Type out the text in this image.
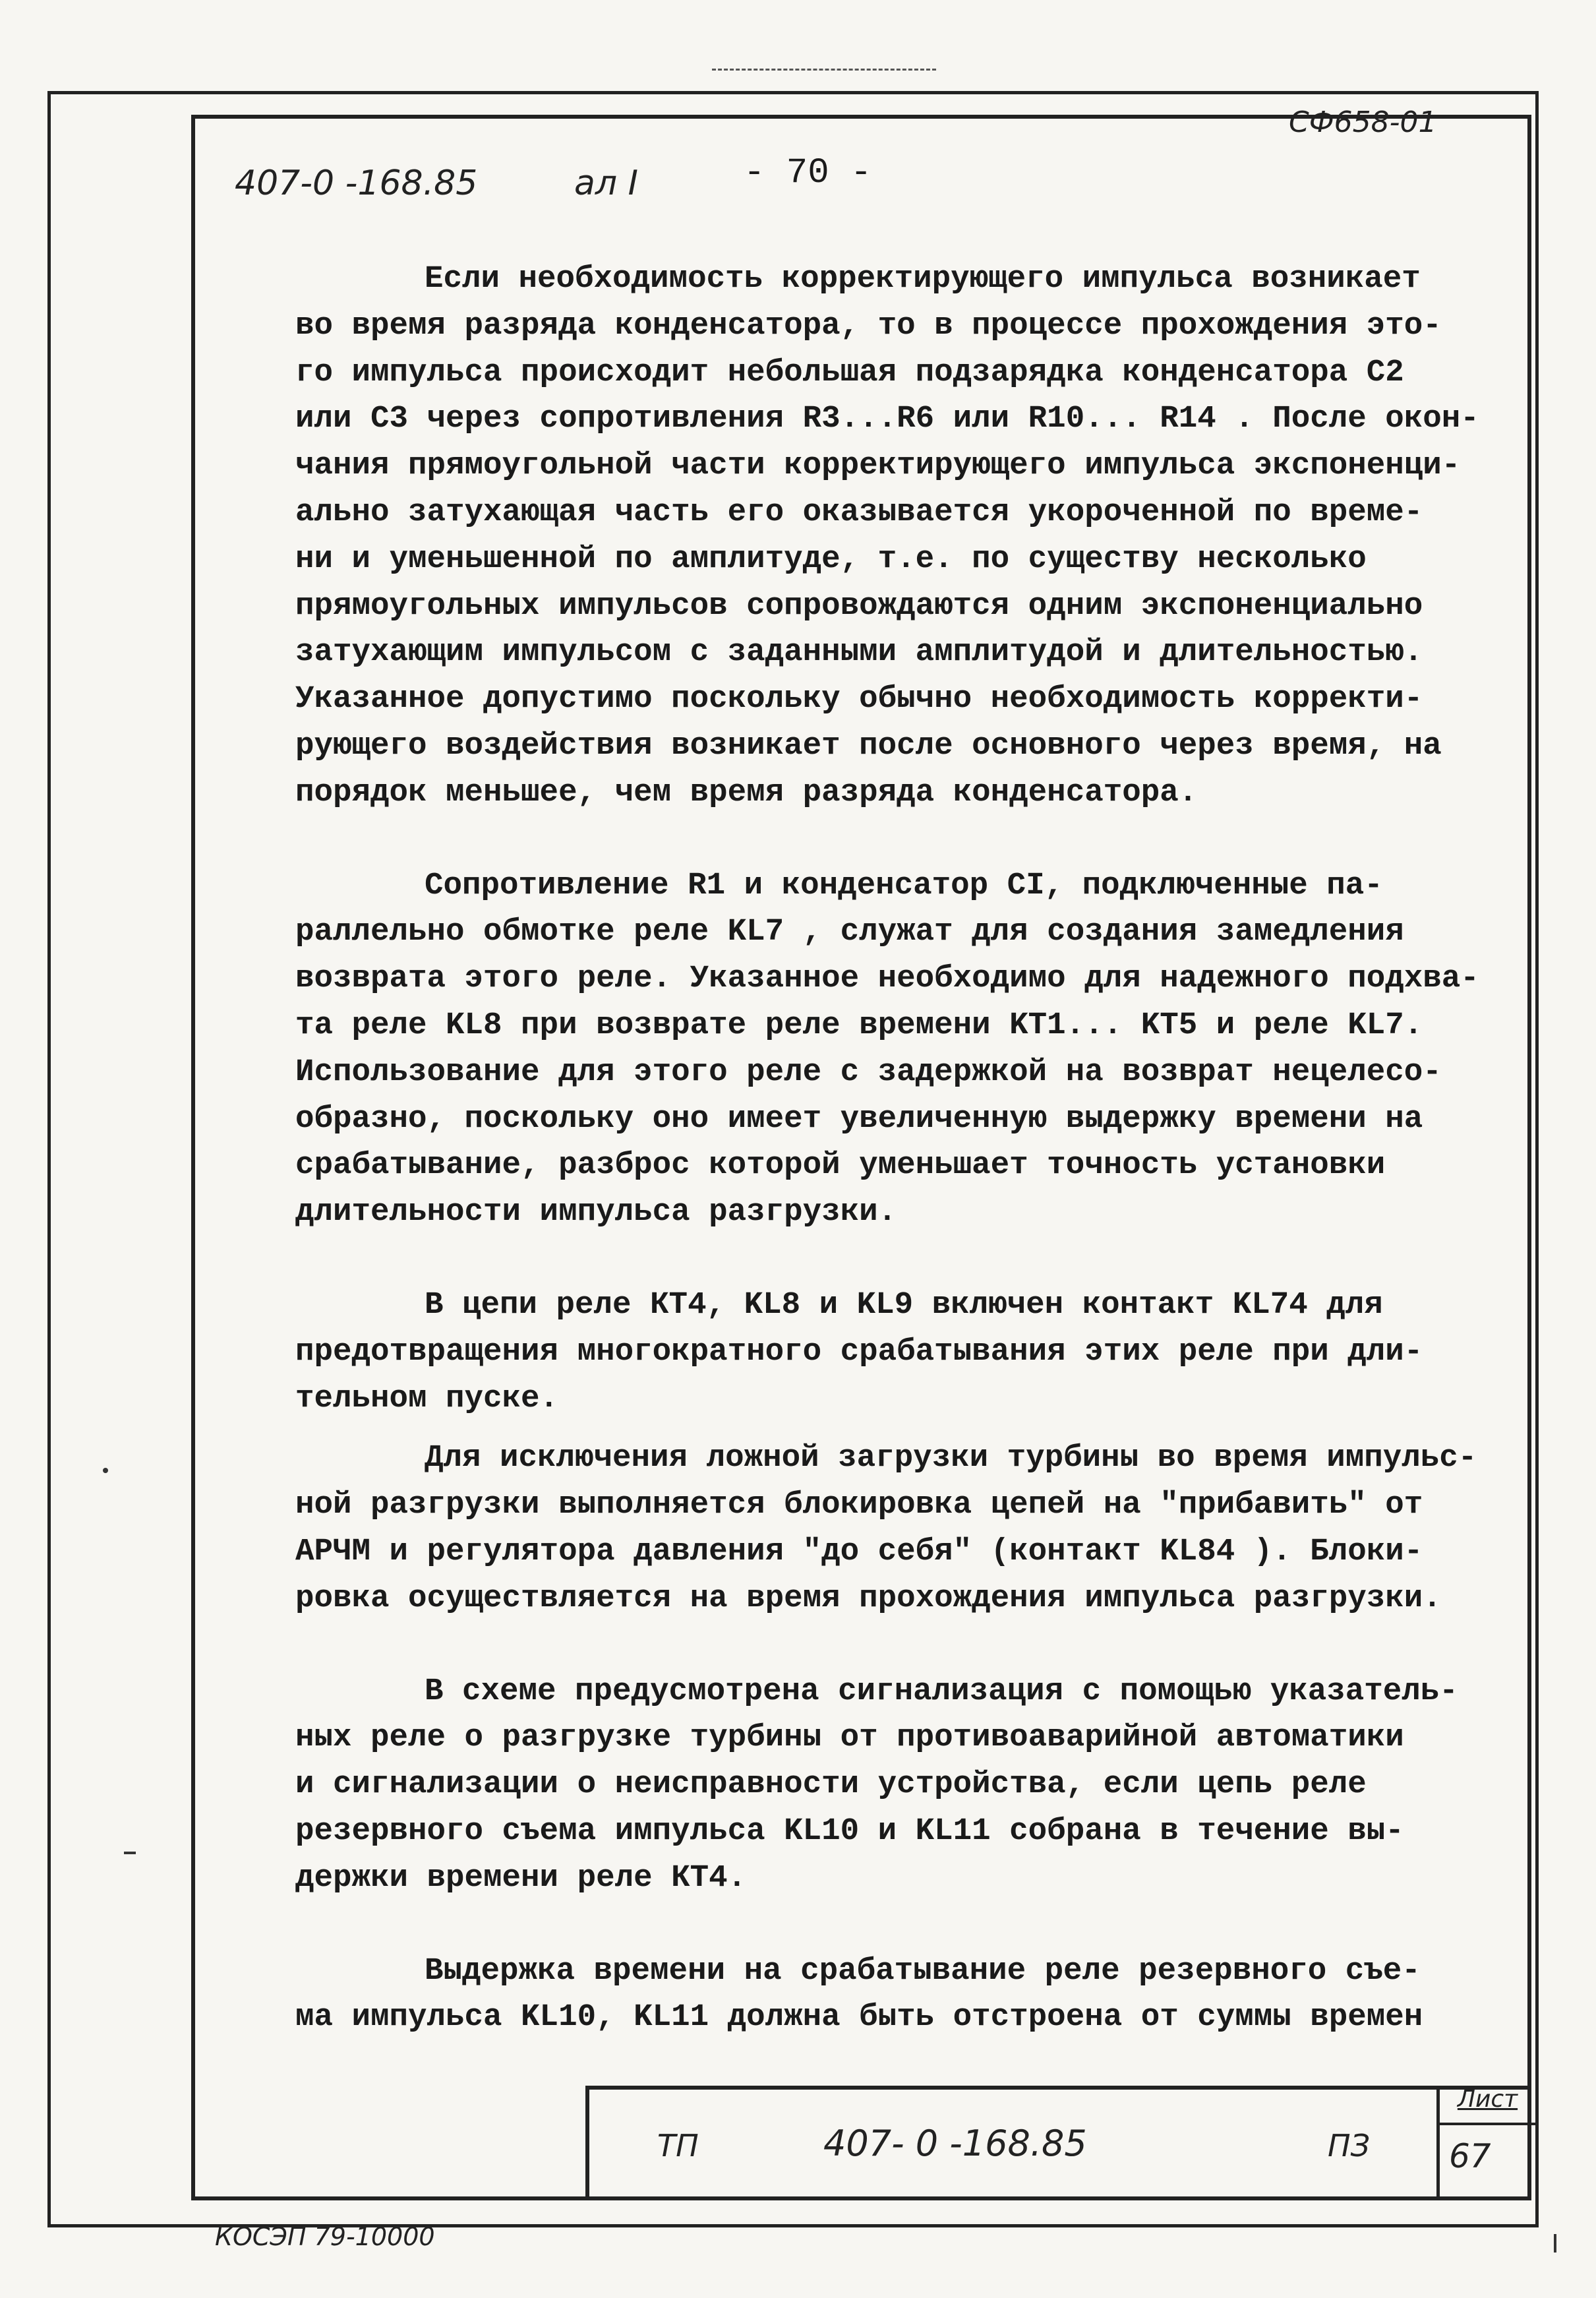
СФ658-01
407-0 -168.85	ал I	- 70 -

Если необходимость корректирующего импульса возникает
во время разряда конденсатора, то в процессе прохождения это-
го импульса происходит небольшая подзарядка конденсатора С2
или С3 через сопротивления R3...R6 или R10... R14 . После окон-
чания прямоугольной части корректирующего импульса экспоненци-
ально затухающая часть его оказывается укороченной по време-
ни и уменьшенной по амплитуде, т.е. по существу несколько
прямоугольных импульсов сопровождаются одним экспоненциально
затухающим импульсом с заданными амплитудой и длительностью.
Указанное допустимо поскольку обычно необходимость корректи-
рующего воздействия возникает после основного через время, на
порядок меньшее, чем время разряда конденсатора.

Сопротивление R1 и конденсатор СI, подключенные па-
раллельно обмотке реле KL7 , служат для создания замедления
возврата этого реле. Указанное необходимо для надежного подхва-
та реле KL8 при возврате реле времени KT1... KT5 и реле KL7.
Использование для этого реле с задержкой на возврат нецелесо-
образно, поскольку оно имеет увеличенную выдержку времени на
срабатывание, разброс которой уменьшает точность установки
длительности импульса разгрузки.

В цепи реле КТ4, KL8 и KL9 включен контакт KL74 для
предотвращения многократного срабатывания этих реле при дли-
тельном пуске.

Для исключения ложной загрузки турбины во время импульс-
ной разгрузки выполняется блокировка цепей на "прибавить" от
АРЧМ и регулятора давления "до себя" (контакт KL84 ). Блоки-
ровка осуществляется на время прохождения импульса разгрузки.

В схеме предусмотрена сигнализация с помощью указатель-
ных реле о разгрузке турбины от противоаварийной автоматики
и сигнализации о неисправности устройства, если цепь реле
резервного съема импульса KL10 и KL11 собрана в течение вы-
держки времени реле КТ4.

Выдержка времени на срабатывание реле резервного съе-
ма импульса KL10, KL11 должна быть отстроена от суммы времен

ТП	407- 0 -168.85	ПЗ
Лист
67
КОСЭП 79-10000
